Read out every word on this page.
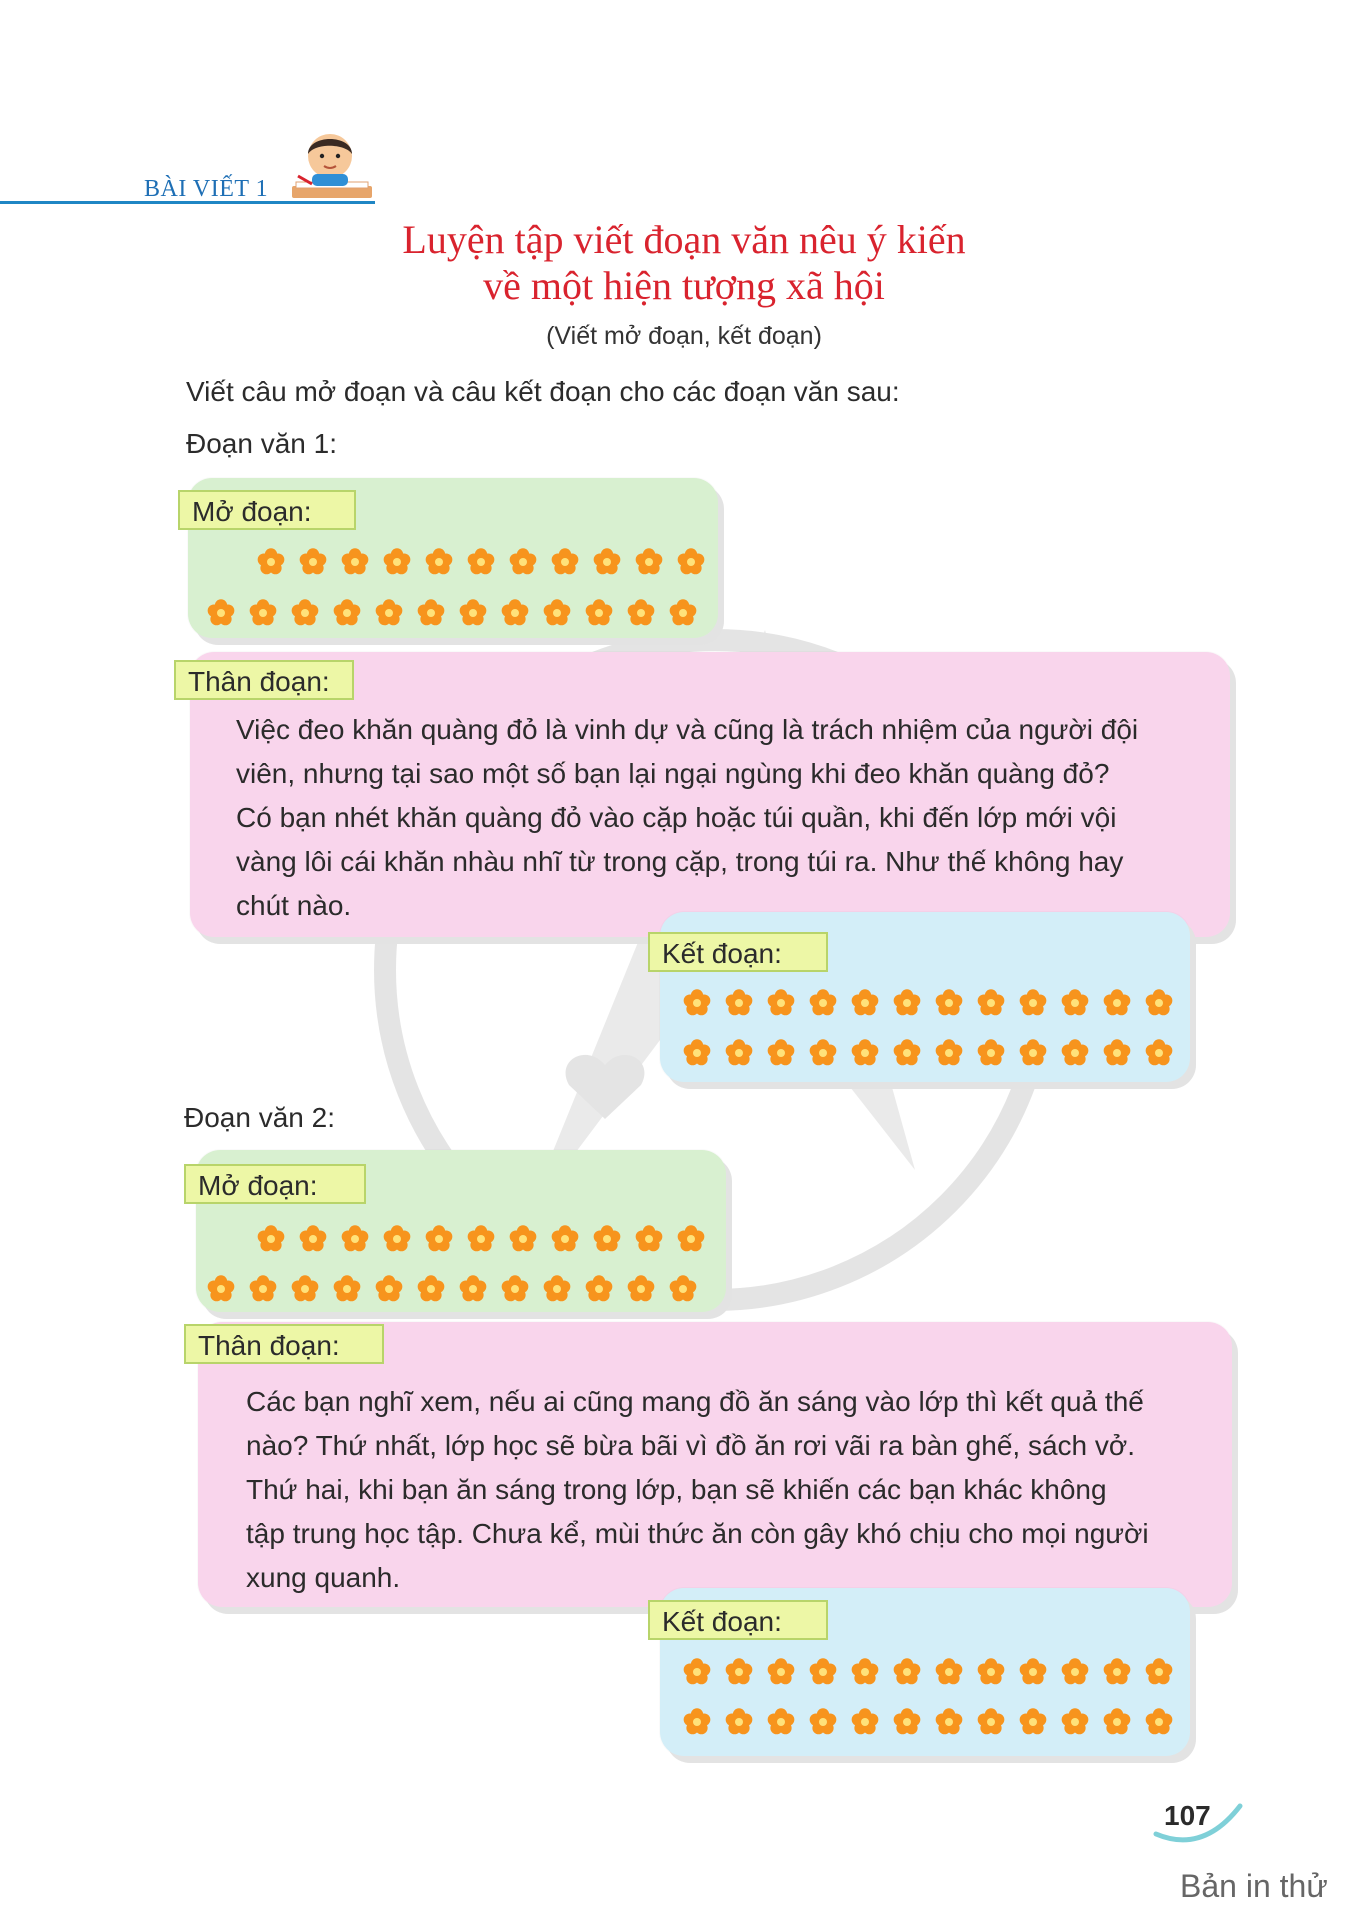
BÀI VIẾT 1
Luyện tập viết đoạn văn nêu ý kiến
về một hiện tượng xã hội
(Viết mở đoạn, kết đoạn)
Viết câu mở đoạn và câu kết đoạn cho các đoạn văn sau:
Đoạn văn 1:
Mở đoạn:
Thân đoạn:
Việc đeo khăn quàng đỏ là vinh dự và cũng là trách nhiệm của người đội
viên, nhưng tại sao một số bạn lại ngại ngùng khi đeo khăn quàng đỏ?
Có bạn nhét khăn quàng đỏ vào cặp hoặc túi quần, khi đến lớp mới vội
vàng lôi cái khăn nhàu nhĩ từ trong cặp, trong túi ra. Như thế không hay
chút nào.
Kết đoạn:
Đoạn văn 2:
Mở đoạn:
Thân đoạn:
Các bạn nghĩ xem, nếu ai cũng mang đồ ăn sáng vào lớp thì kết quả thế
nào? Thứ nhất, lớp học sẽ bừa bãi vì đồ ăn rơi vãi ra bàn ghế, sách vở.
Thứ hai, khi bạn ăn sáng trong lớp, bạn sẽ khiến các bạn khác không
tập trung học tập. Chưa kể, mùi thức ăn còn gây khó chịu cho mọi người
xung quanh.
Kết đoạn:
107
Bản in thử
